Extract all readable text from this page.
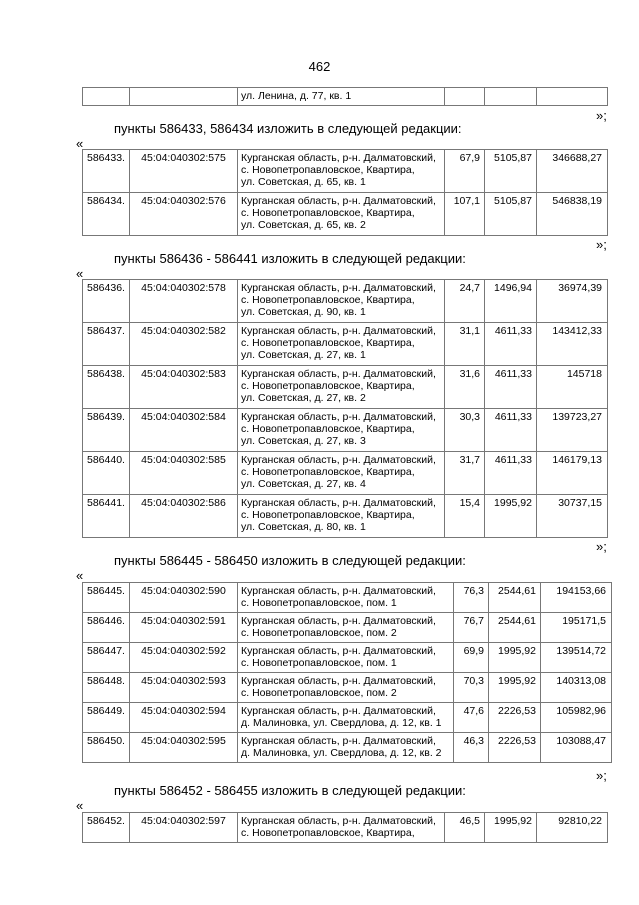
462
		ул. Ленина, д. 77, кв. 1			
»;
пункты 586433, 586434 изложить в следующей редакции:
«
586433.	45:04:040302:575	Курганская область, р-н. Далматовский,
с. Новопетропавловское, Квартира,
ул. Советская, д. 65, кв. 1	67,9	5105,87	346688,27
586434.	45:04:040302:576	Курганская область, р-н. Далматовский,
с. Новопетропавловское, Квартира,
ул. Советская, д. 65, кв. 2	107,1	5105,87	546838,19
»;
пункты 586436 - 586441 изложить в следующей редакции:
«
586436.	45:04:040302:578	Курганская область, р-н. Далматовский,
с. Новопетропавловское, Квартира,
ул. Советская, д. 90, кв. 1	24,7	1496,94	36974,39
586437.	45:04:040302:582	Курганская область, р-н. Далматовский,
с. Новопетропавловское, Квартира,
ул. Советская, д. 27, кв. 1	31,1	4611,33	143412,33
586438.	45:04:040302:583	Курганская область, р-н. Далматовский,
с. Новопетропавловское, Квартира,
ул. Советская, д. 27, кв. 2	31,6	4611,33	145718
586439.	45:04:040302:584	Курганская область, р-н. Далматовский,
с. Новопетропавловское, Квартира,
ул. Советская, д. 27, кв. 3	30,3	4611,33	139723,27
586440.	45:04:040302:585	Курганская область, р-н. Далматовский,
с. Новопетропавловское, Квартира,
ул. Советская, д. 27, кв. 4	31,7	4611,33	146179,13
586441.	45:04:040302:586	Курганская область, р-н. Далматовский,
с. Новопетропавловское, Квартира,
ул. Советская, д. 80, кв. 1	15,4	1995,92	30737,15
»;
пункты 586445 - 586450 изложить в следующей редакции:
«
586445.	45:04:040302:590	Курганская область, р-н. Далматовский,
с. Новопетропавловское, пом. 1	76,3	2544,61	194153,66
586446.	45:04:040302:591	Курганская область, р-н. Далматовский,
с. Новопетропавловское, пом. 2	76,7	2544,61	195171,5
586447.	45:04:040302:592	Курганская область, р-н. Далматовский,
с. Новопетропавловское, пом. 1	69,9	1995,92	139514,72
586448.	45:04:040302:593	Курганская область, р-н. Далматовский,
с. Новопетропавловское, пом. 2	70,3	1995,92	140313,08
586449.	45:04:040302:594	Курганская область, р-н. Далматовский,
д. Малиновка, ул. Свердлова, д. 12, кв. 1	47,6	2226,53	105982,96
586450.	45:04:040302:595	Курганская область, р-н. Далматовский,
д. Малиновка, ул. Свердлова, д. 12, кв. 2	46,3	2226,53	103088,47
»;
пункты 586452 - 586455 изложить в следующей редакции:
«
586452.	45:04:040302:597	Курганская область, р-н. Далматовский,
с. Новопетропавловское, Квартира,
	46,5	1995,92	92810,22
